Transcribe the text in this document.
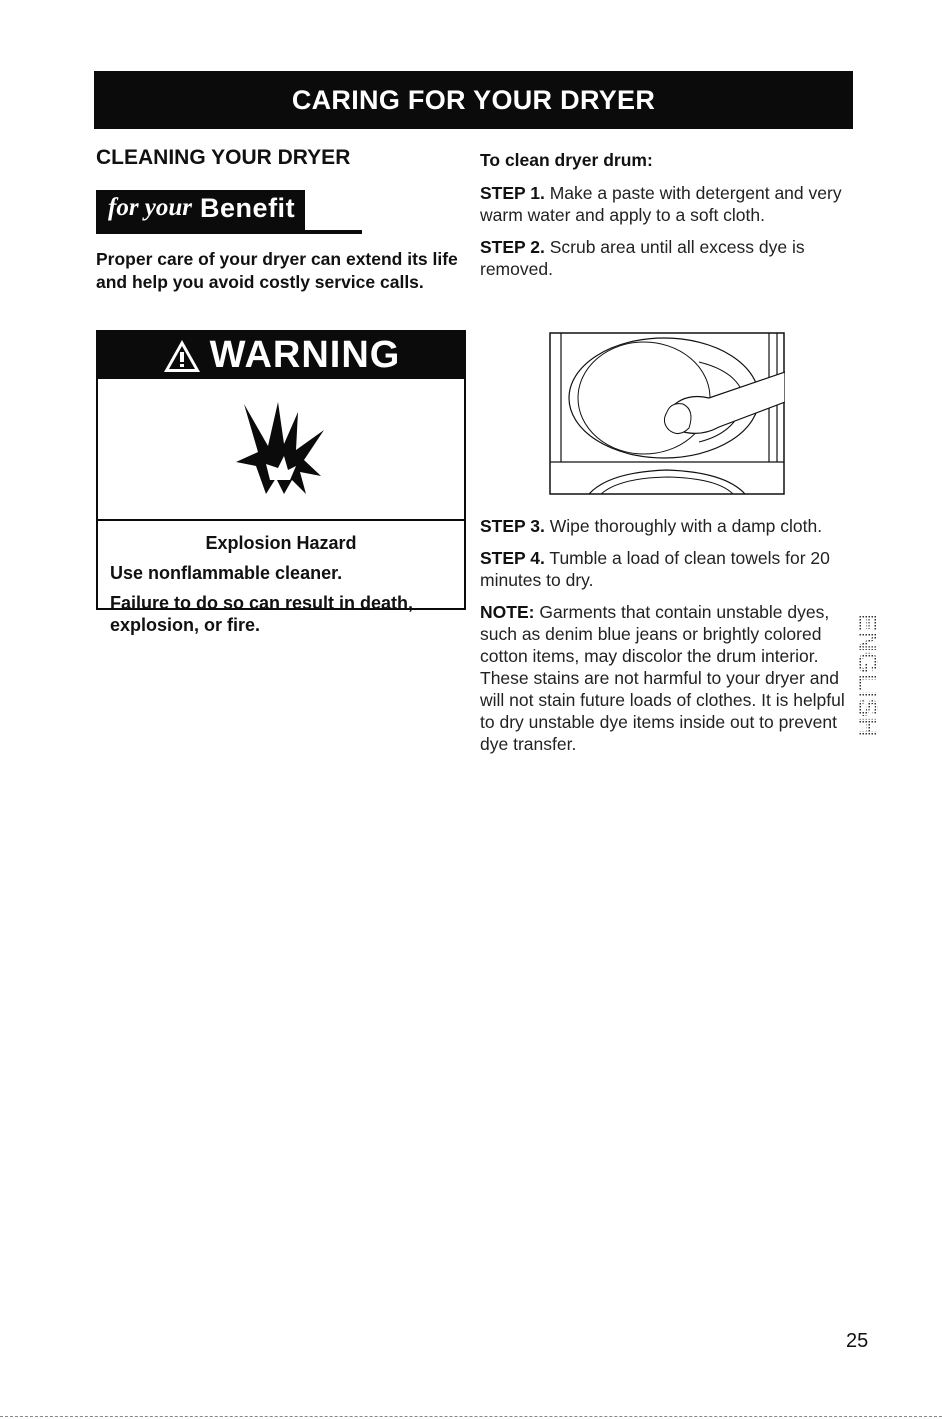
CARING FOR YOUR DRYER
CLEANING YOUR DRYER
for your Benefit
Proper care of your dryer can extend its life and help you avoid costly service calls.
WARNING
Explosion Hazard
Use nonflammable cleaner.
Failure to do so can result in death, explosion, or fire.
To clean dryer drum:
STEP 1. Make a paste with detergent and very warm water and apply to a soft cloth.
STEP 2. Scrub area until all excess dye is removed.
STEP 3. Wipe thoroughly with a damp cloth.
STEP 4. Tumble a load of clean towels for 20 minutes to dry.
NOTE: Garments that contain unstable dyes, such as denim blue jeans or brightly colored cotton items, may discolor the drum interior. These stains are not harmful to your dryer and will not stain future loads of clothes. It is helpful to dry unstable dye items inside out to prevent dye transfer.
ENGLISH
25
